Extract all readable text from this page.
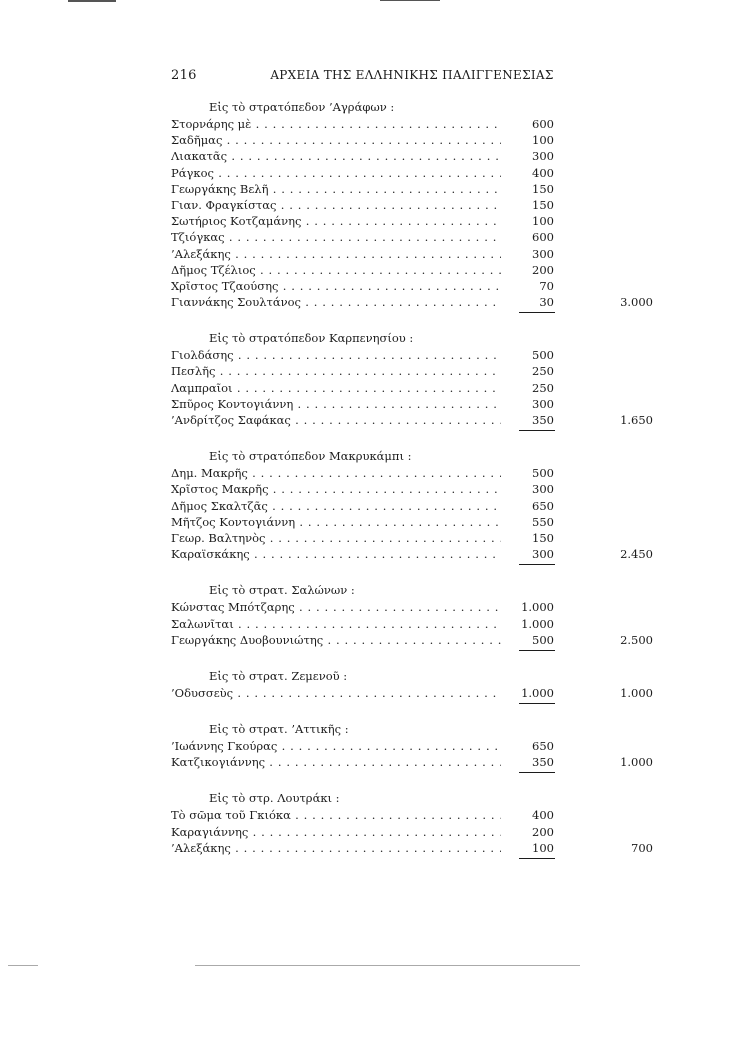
216	ΑΡΧΕΙΑ ΤΗΣ ΕΛΛΗΝΙΚΗΣ ΠΑΛΙΓΓΕΝΕΣΙΑΣ
Εἰς τὸ στρατόπεδον ’Αγράφων :
Στορνάρης μὲ . . .	600
Σαδῆμας . . .	100
Λιακατᾶς . . .	300
Ράγκος . . .	400
Γεωργάκης Βελῆ . . .	150
Γιαν. Φραγκίστας . . .	150
Σωτήριος Κοτζαμάνης . . .	100
Τζιόγκας . . .	600
’Αλεξάκης . . .	300
Δῆμος Τζέλιος . . .	200
Χρῖστος Τζαούσης . . .	70
Γιαννάκης Σουλτάνος . . .	30	3.000
Εἰς τὸ στρατόπεδον Καρπενησίου :
Γιολδάσης . . .	500
Πεσλῆς . . .	250
Λαμπραῖοι . . .	250
Σπῦρος Κοντογιάννη . . .	300
’Ανδρίτζος Σαφάκας . . .	350	1.650
Εἰς τὸ στρατόπεδον Μακρυκάμπι :
Δημ. Μακρῆς . . .	500
Χρῖστος Μακρῆς . . .	300
Δῆμος Σκαλτζᾶς . . .	650
Μῆτζος Κοντογιάννη . . .	550
Γεωρ. Βαλτηνὸς . . .	150
Καραϊσκάκης . . .	300	2.450
Εἰς τὸ στρατ. Σαλώνων :
Κώνστας Μπότζαρης . . .	1.000
Σαλωνῖται . . .	1.000
Γεωργάκης Δυοβουνιώτης . . .	500	2.500
Εἰς τὸ στρατ. Ζεμενοῦ :
’Οδυσσεὺς . . .	1.000	1.000
Εἰς τὸ στρατ. ’Αττικῆς :
’Ιωάννης Γκούρας . . .	650
Κατζικογιάννης . . .	350	1.000
Εἰς τὸ στρ. Λουτράκι :
Τὸ σῶμα τοῦ Γκιόκα . . .	400
Καραγιάννης . . .	200
’Αλεξάκης . . .	100	700
